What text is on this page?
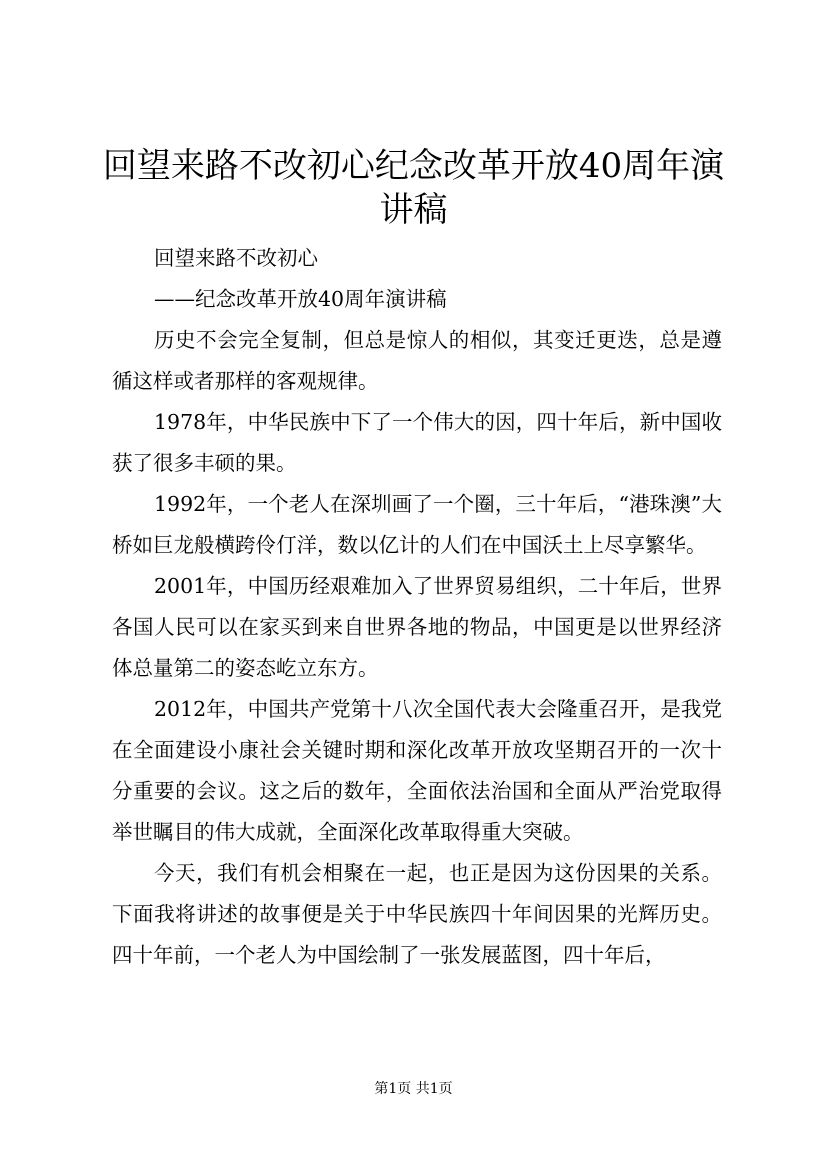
回望来路不改初心纪念改革开放40周年演讲稿

回望来路不改初心

——纪念改革开放40周年演讲稿

历史不会完全复制，但总是惊人的相似，其变迁更迭，总是遵循这样或者那样的客观规律。

1978年，中华民族中下了一个伟大的因，四十年后，新中国收获了很多丰硕的果。

1992年，一个老人在深圳画了一个圈，三十年后，“港珠澳”大桥如巨龙般横跨伶仃洋，数以亿计的人们在中国沃土上尽享繁华。

2001年，中国历经艰难加入了世界贸易组织，二十年后，世界各国人民可以在家买到来自世界各地的物品，中国更是以世界经济体总量第二的姿态屹立东方。

2012年，中国共产党第十八次全国代表大会隆重召开，是我党在全面建设小康社会关键时期和深化改革开放攻坚期召开的一次十分重要的会议。这之后的数年，全面依法治国和全面从严治党取得举世瞩目的伟大成就，全面深化改革取得重大突破。

今天，我们有机会相聚在一起，也正是因为这份因果的关系。下面我将讲述的故事便是关于中华民族四十年间因果的光辉历史。四十年前，一个老人为中国绘制了一张发展蓝图，四十年后，

第1页 共1页
